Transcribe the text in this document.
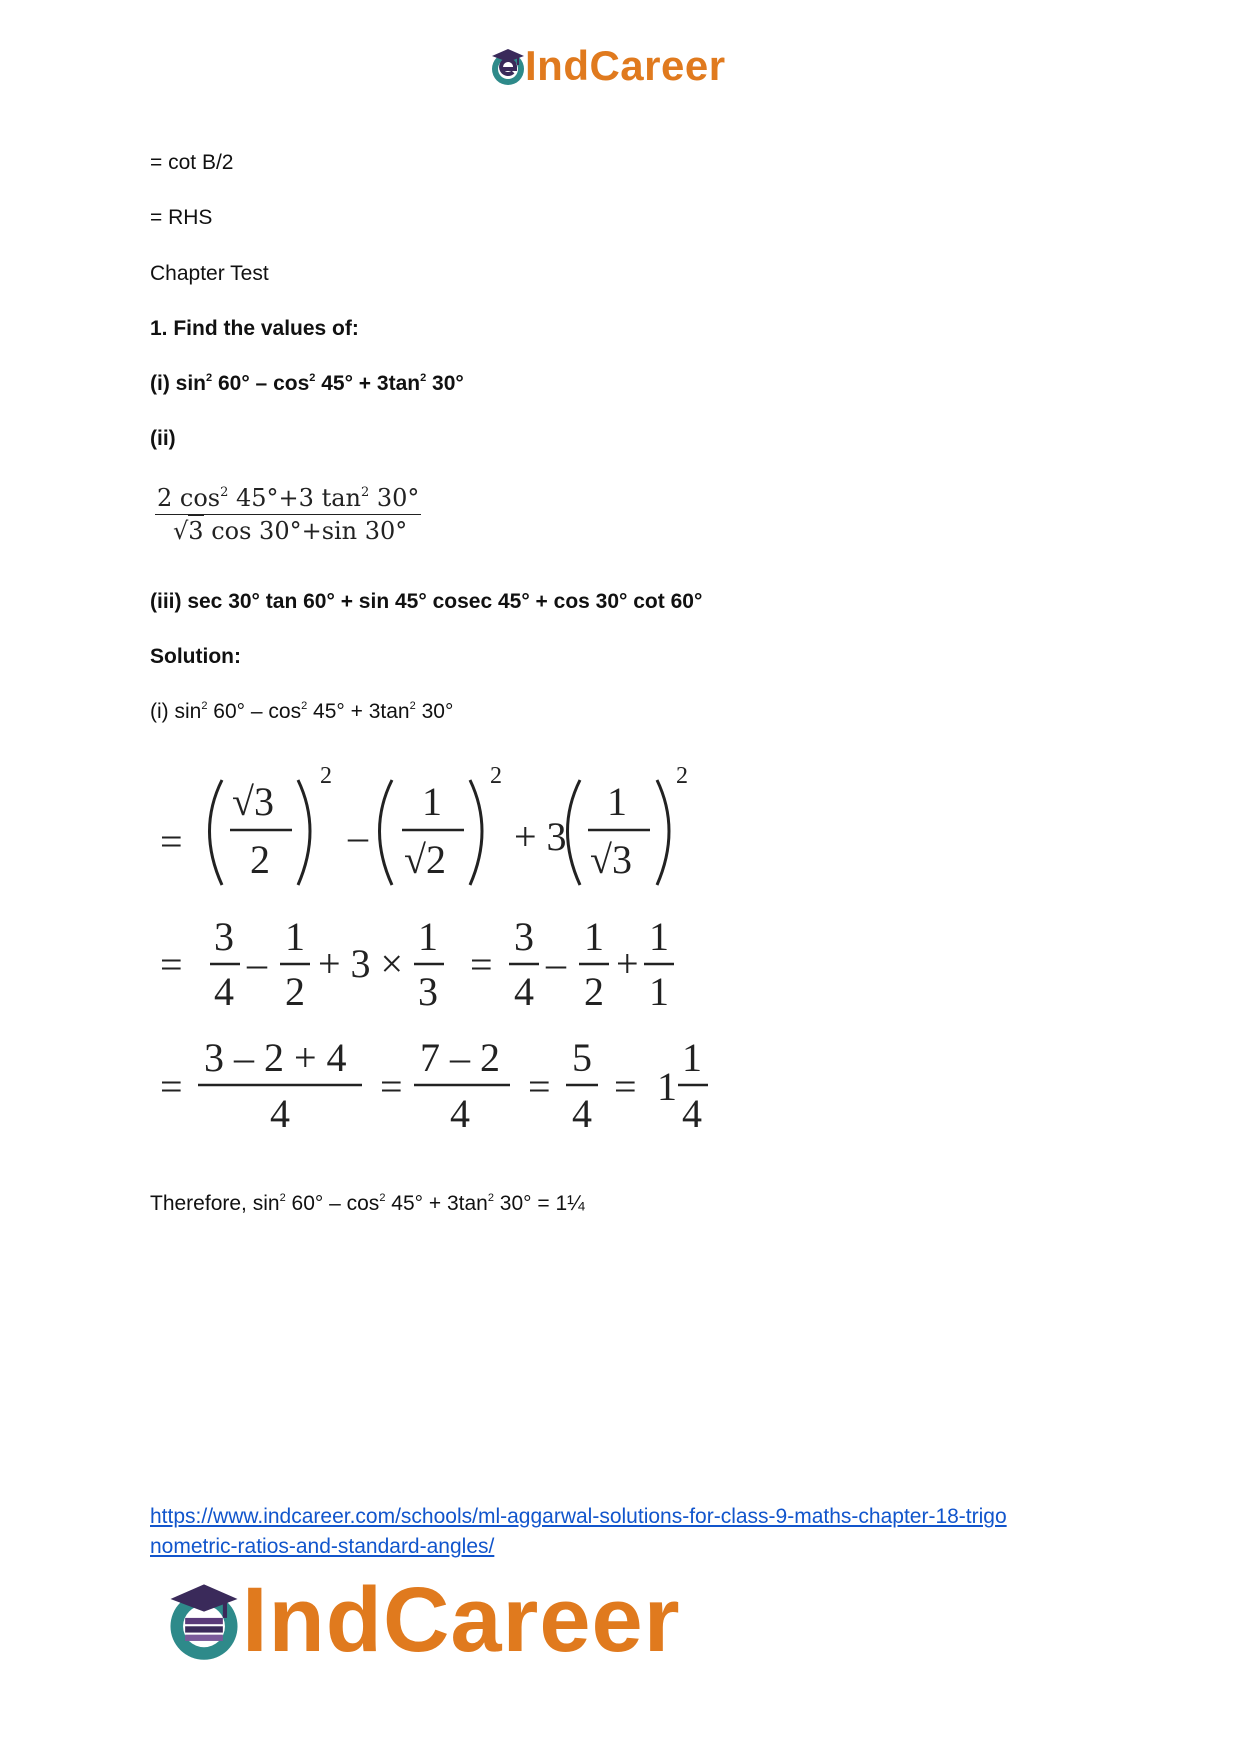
IndCareer
= cot B/2
= RHS
Chapter Test
1. Find the values of:
(i) $\sin^2 60^\circ - \cos^2 45^\circ + 3\tan^2$ 30°
(ii)
$\frac{2 \cos^2 45^\circ+3 \tan^2 30^\circ}{√3 \cos 30^\circ+\sin 30^\circ}$
(iii) sec 30° tan 60° + sin 45° cosec 45° + cos 30° cot 60°
Solution:
(i) $\sin^2 60^\circ - \cos^2 45^\circ + 3\tan^2$ 30°
=
√3
2
2
–
1
√2
2
+ 3
1
√3
2
=
3
4
–
1
2
+ 3 ×
1
3
=
3
4
–
1
2
+
1
1
=
3 – 2 + 4
4
=
7 – 2
4
=
5
4
= 1
1
4
Therefore, $\sin^2 60^\circ - \cos^2 45^\circ + 3\tan^2$ 30° = 1¼
https://www.indcareer.com/schools/ml-aggarwal-solutions-for-class-9-maths-chapter-18-trigo
nometric-ratios-and-standard-angles/
IndCareer
